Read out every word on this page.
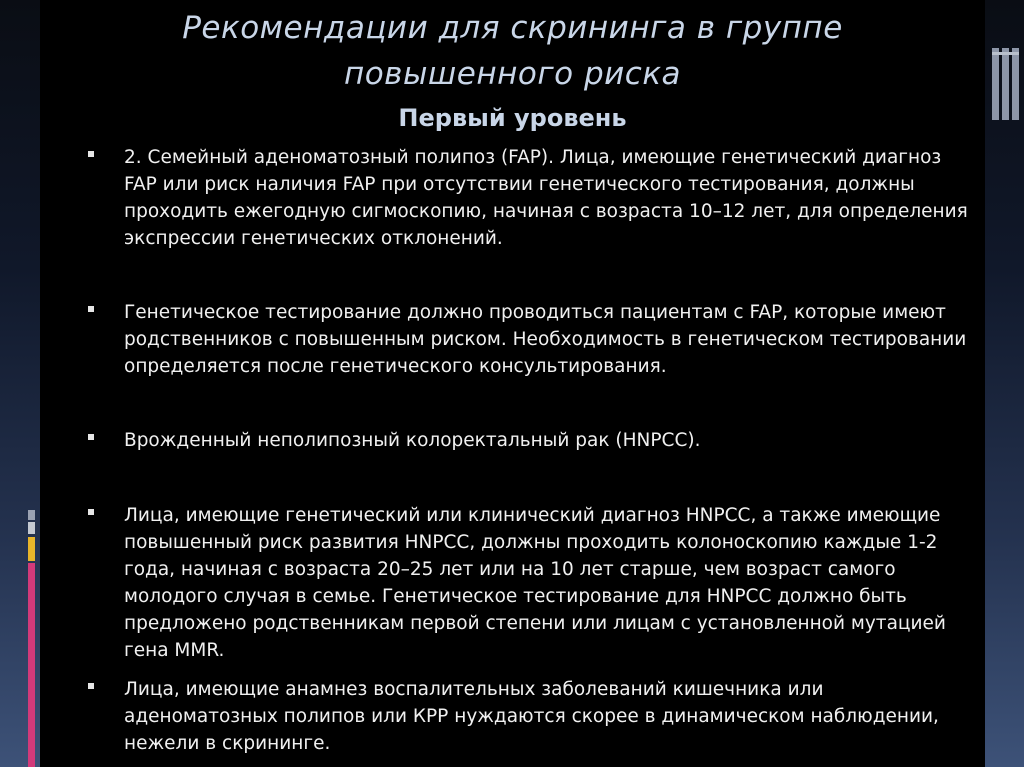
Рекомендации для скрининга в группе
повышенного риска
Первый уровень
2. Семейный аденоматозный полипоз (FAP). Лица, имеющие генетический диагноз FAP или риск наличия FAP при отсутствии генетического тестирования, должны проходить ежегодную сигмоскопию, начиная с возраста 10–12 лет, для определения экспрессии генетических отклонений.
Генетическое тестирование должно проводиться пациентам с FAP, которые имеют родственников с повышенным риском. Необходимость в генетическом тестировании определяется после генетического консультирования.
Врожденный неполипозный колоректальный рак (HNPCC).
Лица, имеющие генетический или клинический диагноз HNPCC, а также имеющие повышенный риск развития HNPCC, должны проходить колоноскопию каждые 1-2 года, начиная с возраста 20–25 лет или на 10 лет старше, чем возраст самого молодого случая в семье. Генетическое тестирование для HNPCC должно быть предложено родственникам первой степени или лицам с установленной мутацией гена MMR.
Лица, имеющие анамнез воспалительных заболеваний кишечника или аденоматозных полипов или КРР нуждаются скорее в динамическом наблюдении, нежели в скрининге.
